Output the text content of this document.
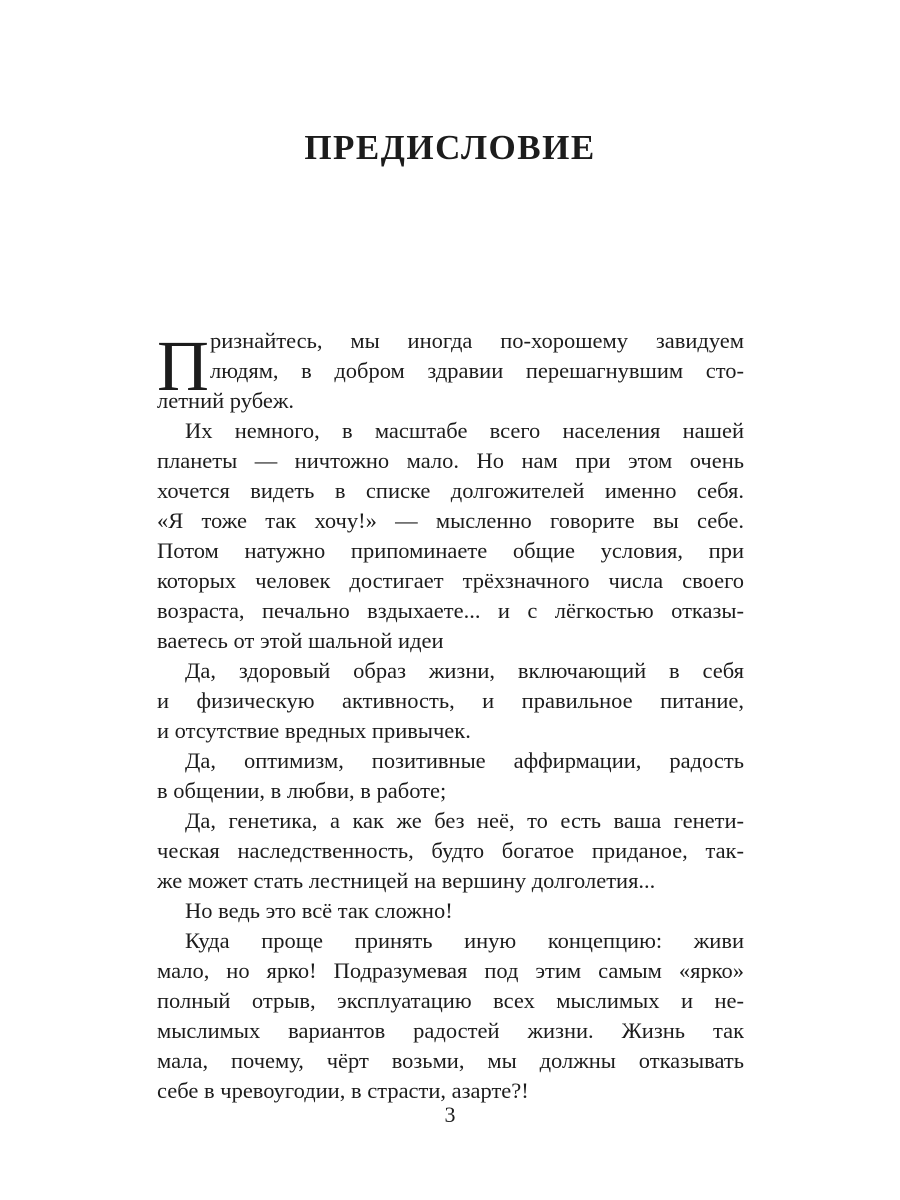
ПРЕДИСЛОВИЕ
П ризнайтесь, мы иногда по-хорошему завидуем
людям, в добром здравии перешагнувшим сто-
летний рубеж.
Их немного, в масштабе всего населения нашей
планеты — ничтожно мало. Но нам при этом очень
хочется видеть в списке долгожителей именно себя.
«Я тоже так хочу!» — мысленно говорите вы себе.
Потом натужно припоминаете общие условия, при
которых человек достигает трёхзначного числа своего
возраста, печально вздыхаете... и с лёгкостью отказы-
ваетесь от этой шальной идеи
Да, здоровый образ жизни, включающий в себя
и физическую активность, и правильное питание,
и отсутствие вредных привычек.
Да, оптимизм, позитивные аффирмации, радость
в общении, в любви, в работе;
Да, генетика, а как же без неё, то есть ваша генети-
ческая наследственность, будто богатое приданое, так-
же может стать лестницей на вершину долголетия...
Но ведь это всё так сложно!
Куда проще принять иную концепцию: живи
мало, но ярко! Подразумевая под этим самым «ярко»
полный отрыв, эксплуатацию всех мыслимых и не-
мыслимых вариантов радостей жизни. Жизнь так
мала, почему, чёрт возьми, мы должны отказывать
себе в чревоугодии, в страсти, азарте?!
3
